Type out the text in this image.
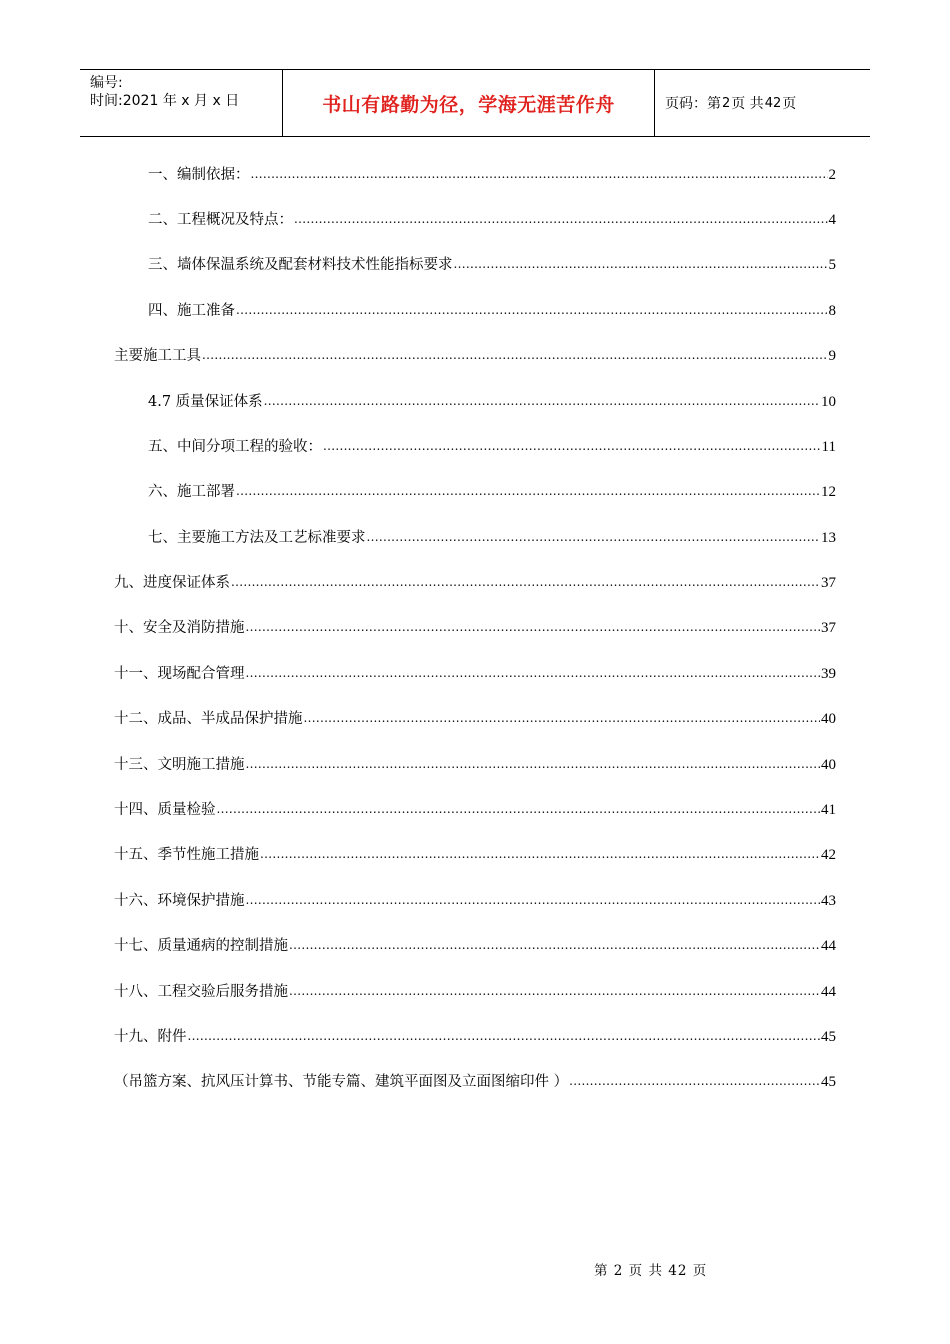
编号:
时间:2021 年 x 月 x 日	书山有路勤为径，学海无涯苦作舟	页码：第 2 页 共 42 页
一、编制依据： .....	2
二、工程概况及特点： .....	4
三、墙体保温系统及配套材料技术性能指标要求 .....	5
四、施工准备 .....	8
主要施工工具 .....	9
4.7 质量保证体系 .....	10
五、中间分项工程的验收： .....	11
六、施工部署 .....	12
七、主要施工方法及工艺标准要求 .....	13
九、进度保证体系 .....	37
十、安全及消防措施 .....	37
十一、现场配合管理 .....	39
十二、成品、半成品保护措施 .....	40
十三、文明施工措施 .....	40
十四、质量检验 .....	41
十五、季节性施工措施 .....	42
十六、环境保护措施 .....	43
十七、质量通病的控制措施 .....	44
十八、工程交验后服务措施 .....	44
十九、附件 .....	45
（吊篮方案、抗风压计算书、节能专篇、建筑平面图及立面图缩印件 ） .....	45
第 2 页 共 42 页
